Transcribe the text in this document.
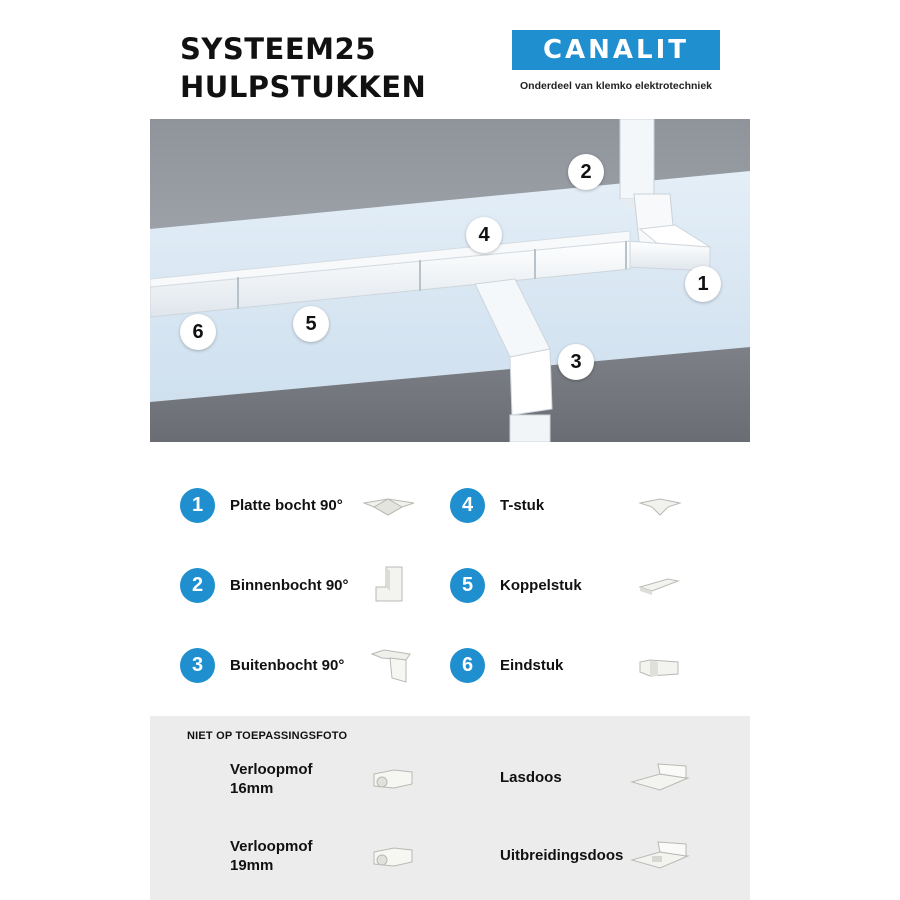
SYSTEEM25
HULPSTUKKEN
CANALIT
Onderdeel van klemko elektrotechniek
2
4
1
5
6
3
1	Platte bocht 90°
2	Binnenbocht 90°
3	Buitenbocht 90°
4	T-stuk
5	Koppelstuk
6	Eindstuk
NIET OP TOEPASSINGSFOTO
Verloopmof
16mm
Lasdoos
Verloopmof
19mm
Uitbreidingsdoos
